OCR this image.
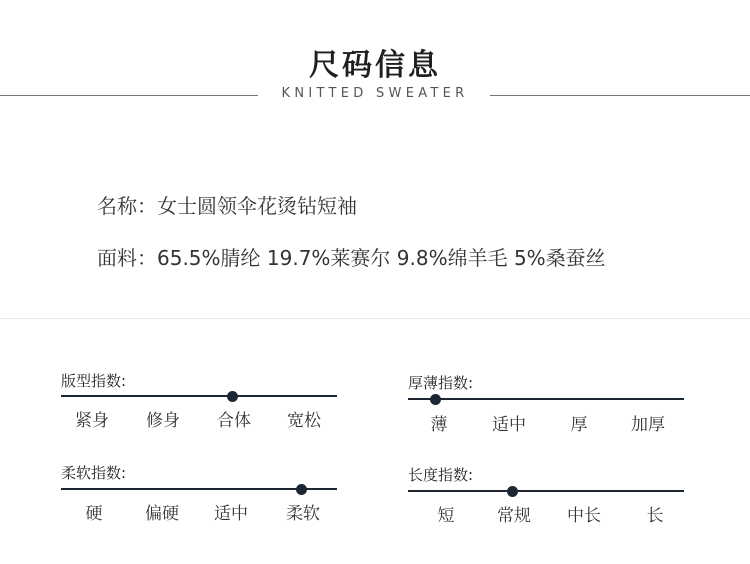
尺码信息
KNITTED SWEATER
名称：女士圆领伞花烫钻短袖
面料：65.5%腈纶 19.7%莱赛尔 9.8%绵羊毛 5%桑蚕丝
版型指数:
紧身	修身	合体	宽松
厚薄指数:
薄	适中	厚	加厚
柔软指数:
硬	偏硬	适中	柔软
长度指数:
短	常规	中长	长
